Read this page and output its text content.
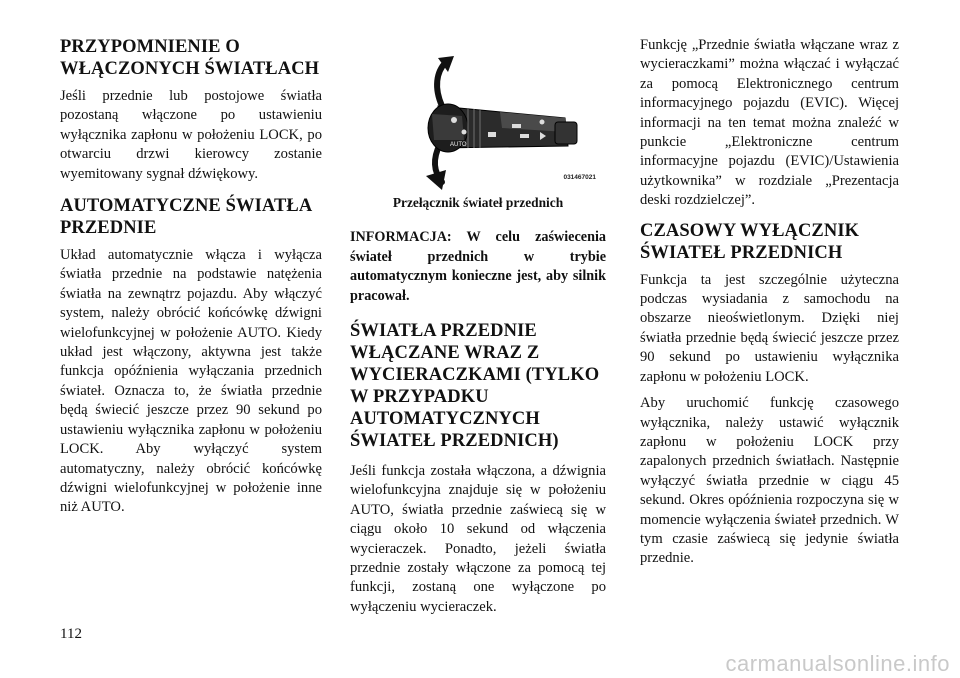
PRZYPOMNIENIE O WŁĄCZONYCH ŚWIATŁACH

Jeśli przednie lub postojowe światła pozostaną włączone po ustawieniu wyłącznika zapłonu w położeniu LOCK, po otwarciu drzwi kierowcy zostanie wyemitowany sygnał dźwiękowy.

AUTOMATYCZNE ŚWIATŁA PRZEDNIE

Układ automatycznie włącza i wyłącza światła przednie na podstawie natężenia światła na zewnątrz pojazdu. Aby włączyć system, należy obrócić końcówkę dźwigni wielofunkcyjnej w położenie AUTO. Kiedy układ jest włączony, aktywna jest także funkcja opóźnienia wyłączania przednich świateł. Oznacza to, że światła przednie będą świecić jeszcze przez 90 sekund po ustawieniu wyłącznika zapłonu w położeniu LOCK. Aby wyłączyć system automatyczny, należy obrócić końcówkę dźwigni wielofunkcyjnej w położenie inne niż AUTO.

AUTO
031467021

Przełącznik świateł przednich

INFORMACJA: W celu zaświecenia świateł przednich w trybie automatycznym konieczne jest, aby silnik pracował.

ŚWIATŁA PRZEDNIE WŁĄCZANE WRAZ Z WYCIERACZKAMI (TYLKO W PRZYPADKU AUTOMATYCZNYCH ŚWIATEŁ PRZEDNICH)

Jeśli funkcja została włączona, a dźwignia wielofunkcyjna znajduje się w położeniu AUTO, światła przednie zaświecą się w ciągu około 10 sekund od włączenia wycieraczek. Ponadto, jeżeli światła przednie zostały włączone za pomocą tej funkcji, zostaną one wyłączone po wyłączeniu wycieraczek.

Funkcję „Przednie światła włączane wraz z wycieraczkami” można włączać i wyłączać za pomocą Elektronicznego centrum informacyjnego pojazdu (EVIC). Więcej informacji na ten temat można znaleźć w punkcie „Elektroniczne centrum informacyjne pojazdu (EVIC)/Ustawienia użytkownika” w rozdziale „Prezentacja deski rozdzielczej”.

CZASOWY WYŁĄCZNIK ŚWIATEŁ PRZEDNICH

Funkcja ta jest szczególnie użyteczna podczas wysiadania z samochodu na obszarze nieoświetlonym. Dzięki niej światła przednie będą świecić jeszcze przez 90 sekund po ustawieniu wyłącznika zapłonu w położeniu LOCK.

Aby uruchomić funkcję czasowego wyłącznika, należy ustawić wyłącznik zapłonu w położeniu LOCK przy zapalonych przednich światłach. Następnie wyłączyć światła przednie w ciągu 45 sekund. Okres opóźnienia rozpoczyna się w momencie wyłączenia świateł przednich. W tym czasie zaświecą się jedynie światła przednie.

112
carmanualsonline.info
